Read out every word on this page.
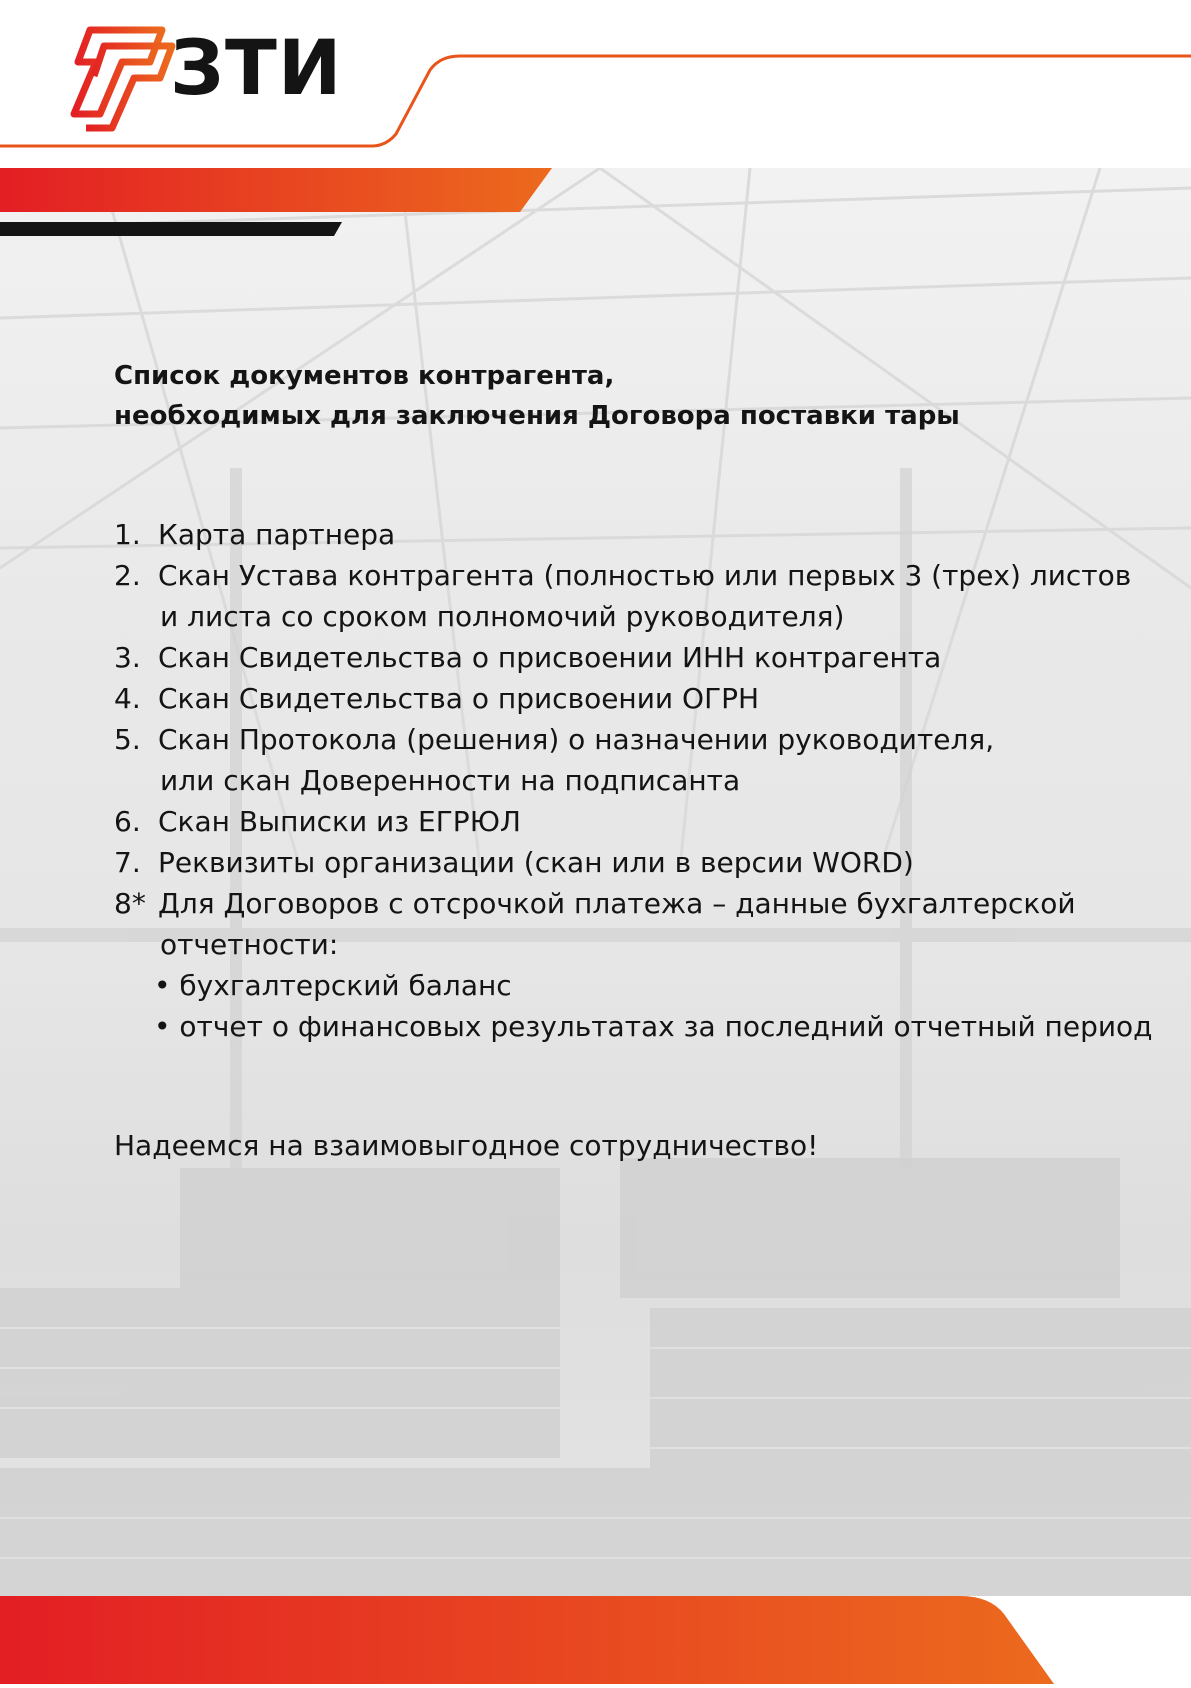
ЗТИ

Список документов контрагента,
необходимых для заключения Договора поставки тары

1. Карта партнера
2. Скан Устава контрагента (полностью или первых 3 (трех) листов
и листа со сроком полномочий руководителя)
3. Скан Свидетельства о присвоении ИНН контрагента
4. Скан Свидетельства о присвоении ОГРН
5. Скан Протокола (решения) о назначении руководителя,
или скан Доверенности на подписанта
6. Скан Выписки из ЕГРЮЛ
7. Реквизиты организации (скан или в версии WORD)
8* Для Договоров с отсрочкой платежа – данные бухгалтерской
отчетности:
• бухгалтерский баланс
• отчет о финансовых результатах за последний отчетный период
Надеемся на взаимовыгодное сотрудничество!
